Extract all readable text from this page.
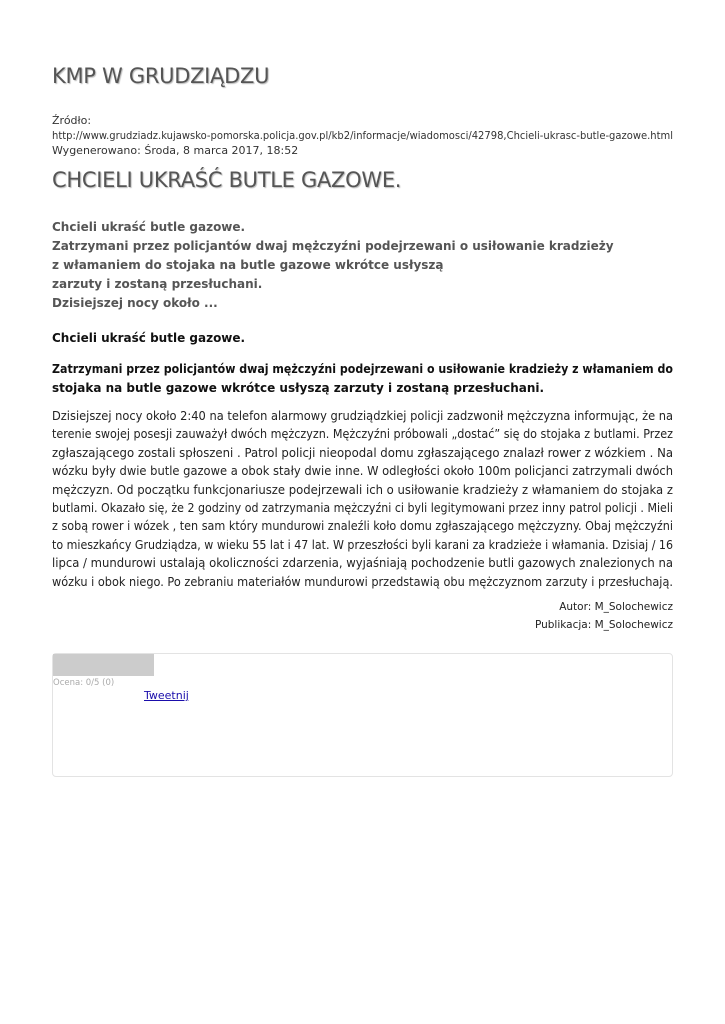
KMP W GRUDZIĄDZU
Źródło:
http://www.grudziadz.kujawsko-pomorska.policja.gov.pl/kb2/informacje/wiadomosci/42798,Chcieli-ukrasc-butle-gazowe.html
Wygenerowano: Środa, 8 marca 2017, 18:52
CHCIELI UKRAŚĆ BUTLE GAZOWE.
Chcieli ukraść butle gazowe.
Zatrzymani przez policjantów dwaj mężczyźni podejrzewani o usiłowanie kradzieży
z włamaniem do stojaka na butle gazowe wkrótce usłyszą
zarzuty i zostaną przesłuchani.
Dzisiejszej nocy około ...
Chcieli ukraść butle gazowe.

Zatrzymani przez policjantów dwaj mężczyźni podejrzewani o usiłowanie kradzieży z włamaniem do
stojaka na butle gazowe wkrótce usłyszą zarzuty i zostaną przesłuchani.

Dzisiejszej nocy około 2:40 na telefon alarmowy grudziądzkiej policji zadzwonił mężczyzna informując, że na
terenie swojej posesji zauważył dwóch mężczyzn. Mężczyźni próbowali „dostać” się do stojaka z butlami. Przez
zgłaszającego zostali spłoszeni . Patrol policji nieopodal domu zgłaszającego znalazł rower z wózkiem . Na
wózku były dwie butle gazowe a obok stały dwie inne. W odległości około 100m policjanci zatrzymali dwóch
mężczyzn. Od początku funkcjonariusze podejrzewali ich o usiłowanie kradzieży z włamaniem do stojaka z
butlami. Okazało się, że 2 godziny od zatrzymania mężczyźni ci byli legitymowani przez inny patrol policji . Mieli
z sobą rower i wózek , ten sam który mundurowi znaleźli koło domu zgłaszającego mężczyzny. Obaj mężczyźni
to mieszkańcy Grudziądza, w wieku 55 lat i 47 lat. W przeszłości byli karani za kradzieże i włamania. Dzisiaj / 16
lipca / mundurowi ustalają okoliczności zdarzenia, wyjaśniają pochodzenie butli gazowych znalezionych na
wózku i obok niego. Po zebraniu materiałów mundurowi przedstawią obu mężczyznom zarzuty i przesłuchają.

Autor: M_Solochewicz
Publikacja: M_Solochewicz
Ocena: 0/5 (0)
Tweetnij
